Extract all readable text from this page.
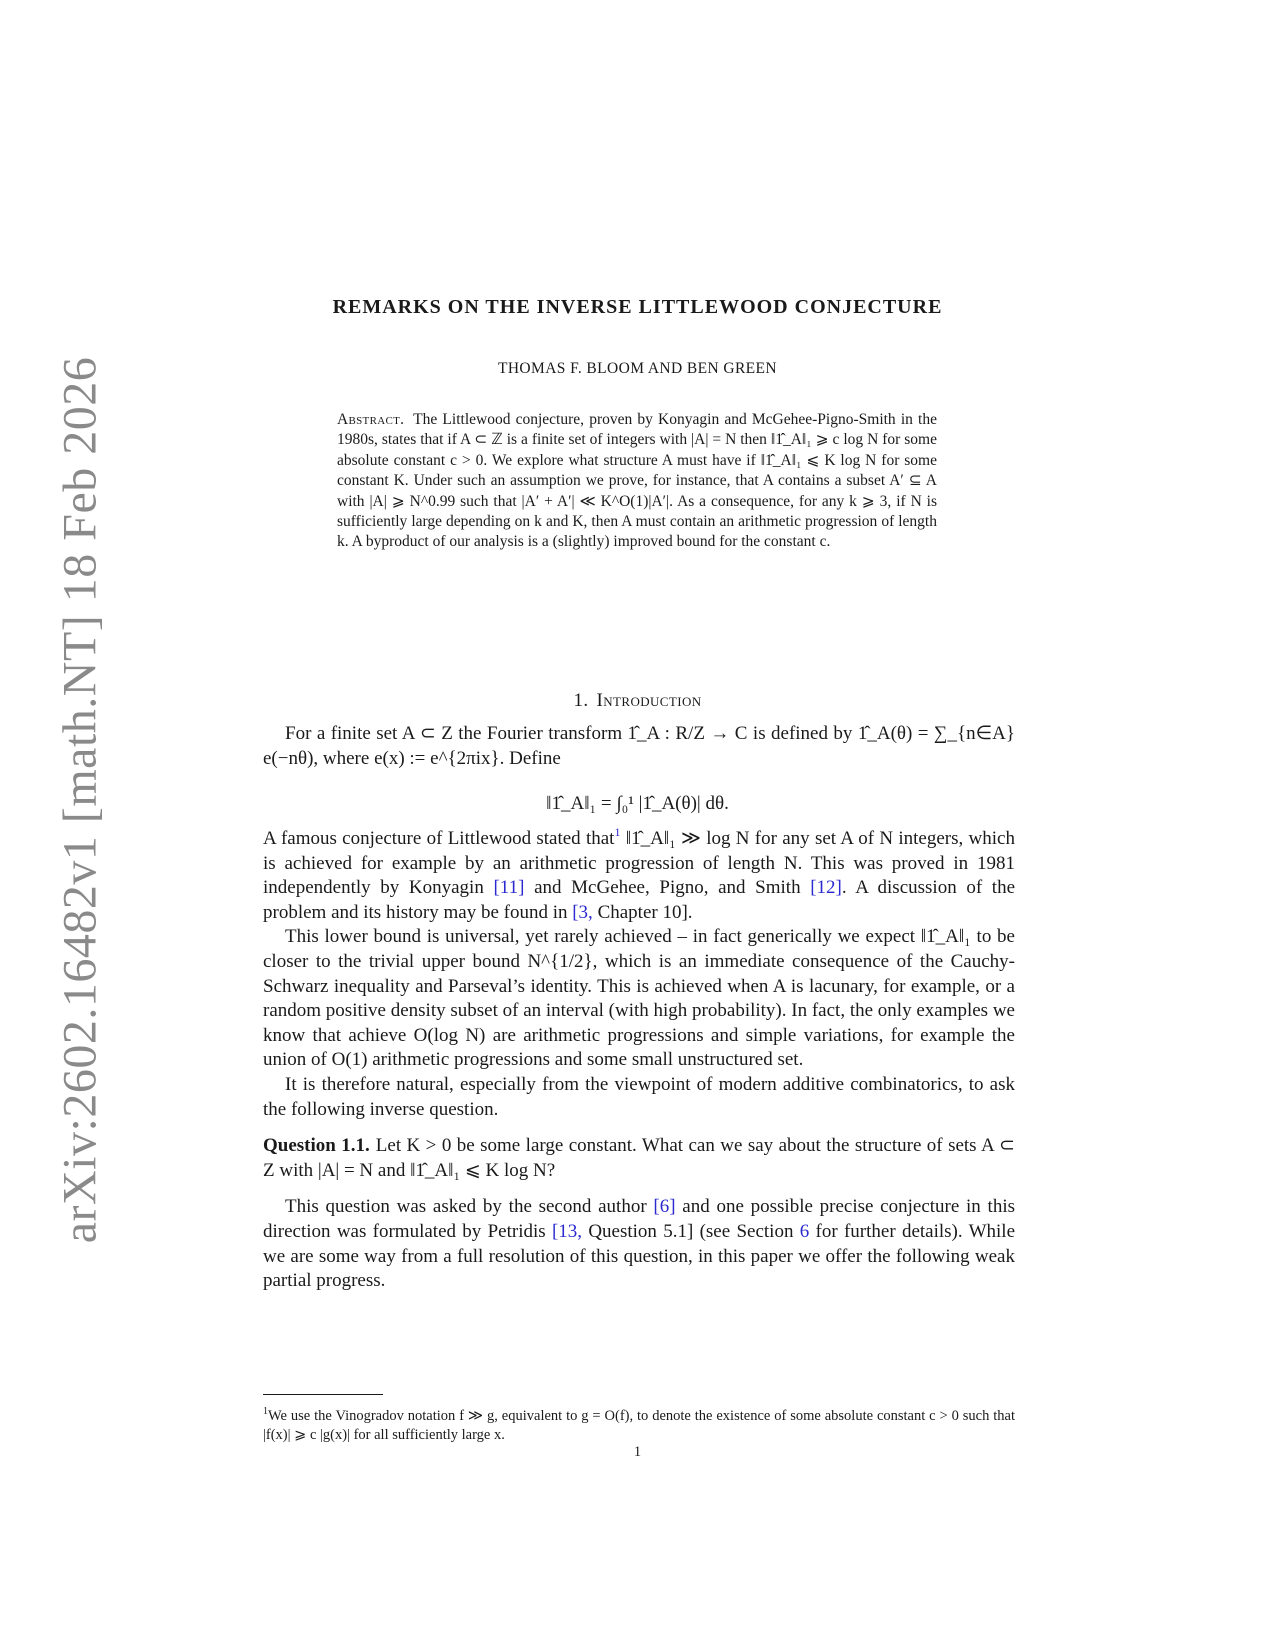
arXiv:2602.16482v1 [math.NT] 18 Feb 2026
REMARKS ON THE INVERSE LITTLEWOOD CONJECTURE
THOMAS F. BLOOM AND BEN GREEN
Abstract. The Littlewood conjecture, proven by Konyagin and McGehee-Pigno-Smith in the 1980s, states that if A ⊂ ℤ is a finite set of integers with |A| = N then ‖1̂_A‖₁ ⩾ c log N for some absolute constant c > 0. We explore what structure A must have if ‖1̂_A‖₁ ⩽ K log N for some constant K. Under such an assumption we prove, for instance, that A contains a subset A′ ⊆ A with |A| ⩾ N^0.99 such that |A′ + A′| ≪ K^O(1)|A′|. As a consequence, for any k ⩾ 3, if N is sufficiently large depending on k and K, then A must contain an arithmetic progression of length k. A byproduct of our analysis is a (slightly) improved bound for the constant c.
1. Introduction

For a finite set A ⊂ Z the Fourier transform 1̂_A : R/Z → C is defined by 1̂_A(θ) = ∑_{n∈A} e(−nθ), where e(x) := e^{2πix}. Define

‖1̂_A‖₁ = ∫₀¹ |1̂_A(θ)| dθ.

A famous conjecture of Littlewood stated that$^1$ ‖1̂_A‖₁ ≫ log N for any set A of N integers, which is achieved for example by an arithmetic progression of length N. This was proved in 1981 independently by Konyagin [11] and McGehee, Pigno, and Smith [12]. A discussion of the problem and its history may be found in [3, Chapter 10].

This lower bound is universal, yet rarely achieved – in fact generically we expect ‖1̂_A‖₁ to be closer to the trivial upper bound N^{1/2}, which is an immediate consequence of the Cauchy-Schwarz inequality and Parseval’s identity. This is achieved when A is lacunary, for example, or a random positive density subset of an interval (with high probability). In fact, the only examples we know that achieve O(log N) are arithmetic progressions and simple variations, for example the union of O(1) arithmetic progressions and some small unstructured set.

It is therefore natural, especially from the viewpoint of modern additive combinatorics, to ask the following inverse question.

Question 1.1. Let K > 0 be some large constant. What can we say about the structure of sets A ⊂ Z with |A| = N and ‖1̂_A‖₁ ⩽ K log N?

This question was asked by the second author [6] and one possible precise conjecture in this direction was formulated by Petridis [13, Question 5.1] (see Section 6 for further details). While we are some way from a full resolution of this question, in this paper we offer the following weak partial progress.

$^1$We use the Vinogradov notation f ≫ g, equivalent to g = O(f), to denote the existence of some absolute constant c > 0 such that |f(x)| ⩾ c |g(x)| for all sufficiently large x.
1
